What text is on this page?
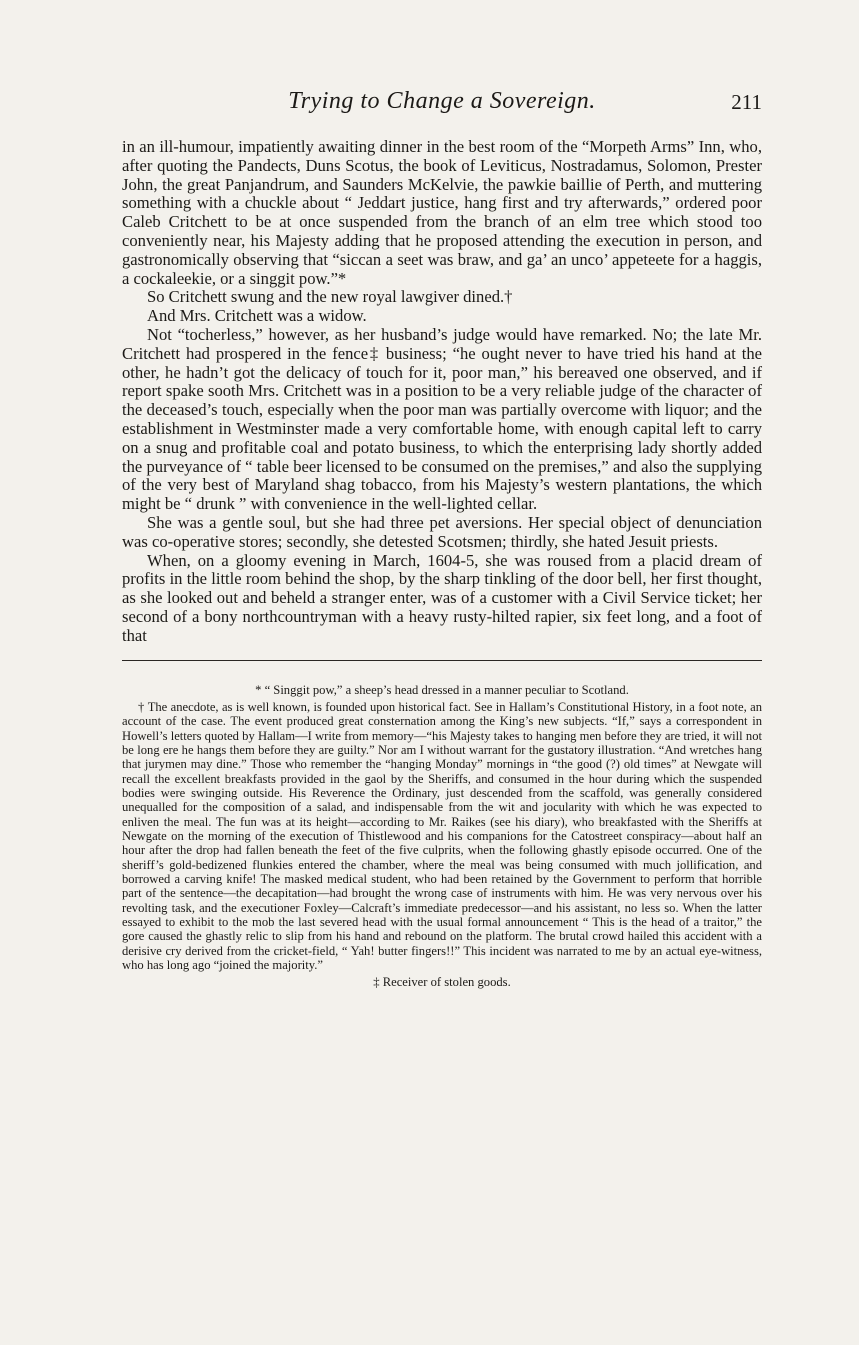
Trying to Change a Sovereign.	211

in an ill-humour, impatiently awaiting dinner in the best room of the “Morpeth Arms” Inn, who, after quoting the Pandects, Duns Scotus, the book of Leviticus, Nostradamus, Solomon, Prester John, the great Panjandrum, and Saunders McKelvie, the pawkie baillie of Perth, and muttering something with a chuckle about “ Jeddart justice, hang first and try afterwards,” ordered poor Caleb Critchett to be at once suspended from the branch of an elm tree which stood too conveniently near, his Majesty adding that he proposed attending the execution in person, and gastronomically observing that “siccan a seet was braw, and ga’ an unco’ appeteete for a haggis, a cockaleekie, or a singgit pow.”*

So Critchett swung and the new royal lawgiver dined.†

And Mrs. Critchett was a widow.

Not “tocherless,” however, as her husband’s judge would have remarked. No; the late Mr. Critchett had prospered in the fence‡ business; “he ought never to have tried his hand at the other, he hadn’t got the delicacy of touch for it, poor man,” his bereaved one observed, and if report spake sooth Mrs. Critchett was in a position to be a very reliable judge of the character of the deceased’s touch, especially when the poor man was partially overcome with liquor; and the establishment in Westminster made a very comfortable home, with enough capital left to carry on a snug and profitable coal and potato business, to which the enterprising lady shortly added the purveyance of “ table beer licensed to be consumed on the premises,” and also the supplying of the very best of Maryland shag tobacco, from his Majesty’s western plantations, the which might be “ drunk ” with convenience in the well-lighted cellar.

She was a gentle soul, but she had three pet aversions. Her special object of denunciation was co-operative stores; secondly, she detested Scotsmen; thirdly, she hated Jesuit priests.

When, on a gloomy evening in March, 1604-5, she was roused from a placid dream of profits in the little room behind the shop, by the sharp tinkling of the door bell, her first thought, as she looked out and beheld a stranger enter, was of a customer with a Civil Service ticket; her second of a bony northcountryman with a heavy rusty-hilted rapier, six feet long, and a foot of that

* “ Singgit pow,” a sheep’s head dressed in a manner peculiar to Scotland.

† The anecdote, as is well known, is founded upon historical fact. See in Hallam’s Constitutional History, in a foot note, an account of the case. The event produced great consternation among the King’s new subjects. “If,” says a correspondent in Howell’s letters quoted by Hallam—I write from memory—“his Majesty takes to hanging men before they are tried, it will not be long ere he hangs them before they are guilty.” Nor am I without warrant for the gustatory illustration. “And wretches hang that jurymen may dine.” Those who remember the “hanging Monday” mornings in “the good (?) old times” at Newgate will recall the excellent breakfasts provided in the gaol by the Sheriffs, and consumed in the hour during which the suspended bodies were swinging outside. His Reverence the Ordinary, just descended from the scaffold, was generally considered unequalled for the composition of a salad, and indispensable from the wit and jocularity with which he was expected to enliven the meal. The fun was at its height—according to Mr. Raikes (see his diary), who breakfasted with the Sheriffs at Newgate on the morning of the execution of Thistlewood and his companions for the Catostreet conspiracy—about half an hour after the drop had fallen beneath the feet of the five culprits, when the following ghastly episode occurred. One of the sheriff’s gold-bedizened flunkies entered the chamber, where the meal was being consumed with much jollification, and borrowed a carving knife! The masked medical student, who had been retained by the Government to perform that horrible part of the sentence—the decapitation—had brought the wrong case of instruments with him. He was very nervous over his revolting task, and the executioner Foxley—Calcraft’s immediate predecessor—and his assistant, no less so. When the latter essayed to exhibit to the mob the last severed head with the usual formal announcement “ This is the head of a traitor,” the gore caused the ghastly relic to slip from his hand and rebound on the platform. The brutal crowd hailed this accident with a derisive cry derived from the cricket-field, “ Yah! butter fingers!!” This incident was narrated to me by an actual eye-witness, who has long ago “joined the majority.”

‡ Receiver of stolen goods.
